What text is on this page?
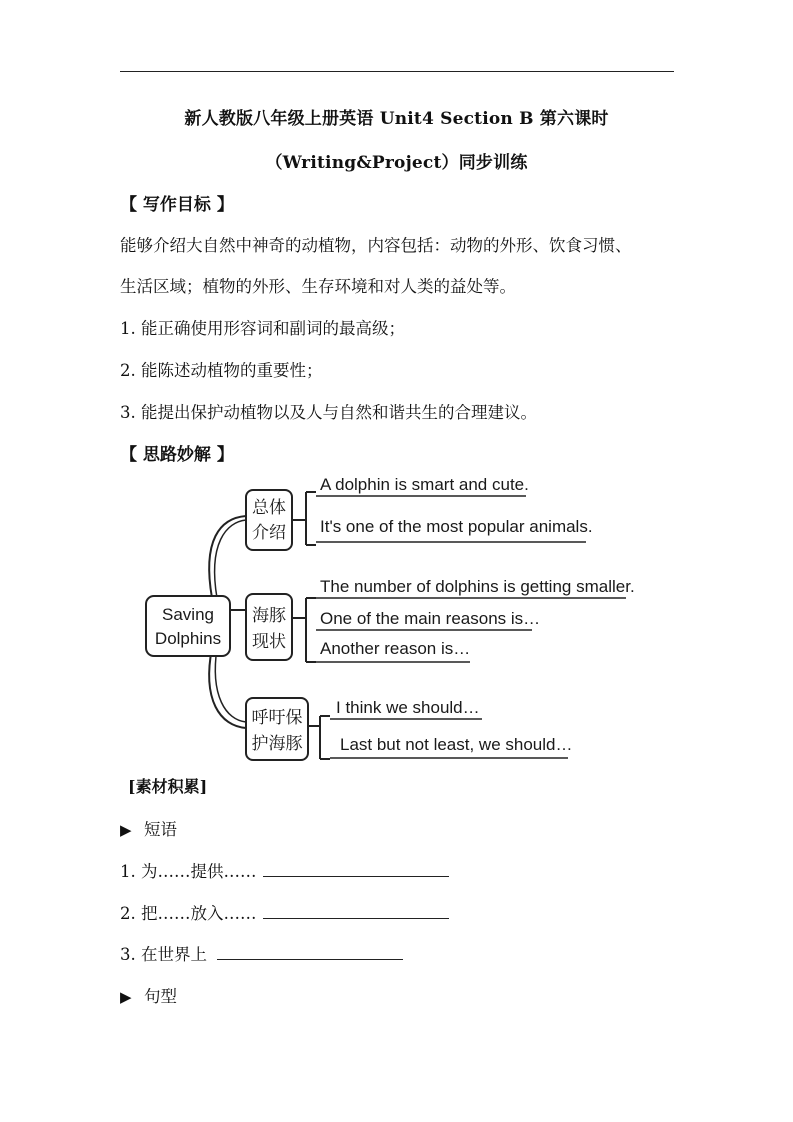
新人教版八年级上册英语 Unit4 Section B 第六课时
（Writing&Project）同步训练
【 写作目标 】
能够介绍大自然中神奇的动植物，内容包括：动物的外形、饮食习惯、
生活区域；植物的外形、生存环境和对人类的益处等。
1. 能正确使用形容词和副词的最高级；
2. 能陈述动植物的重要性；
3. 能提出保护动植物以及人与自然和谐共生的合理建议。
【 思路妙解 】
Saving
Dolphins
总体
介绍
A dolphin is smart and cute.
It's one of the most popular animals.
海豚
现状
The number of dolphins is getting smaller.
One of the main reasons is…
Another reason is…
呼吁保
护海豚
I think we should…
Last but not least, we should…
[素材积累]
▶ 短语
1. 为……提供……
2. 把……放入……
3. 在世界上
▶ 句型
